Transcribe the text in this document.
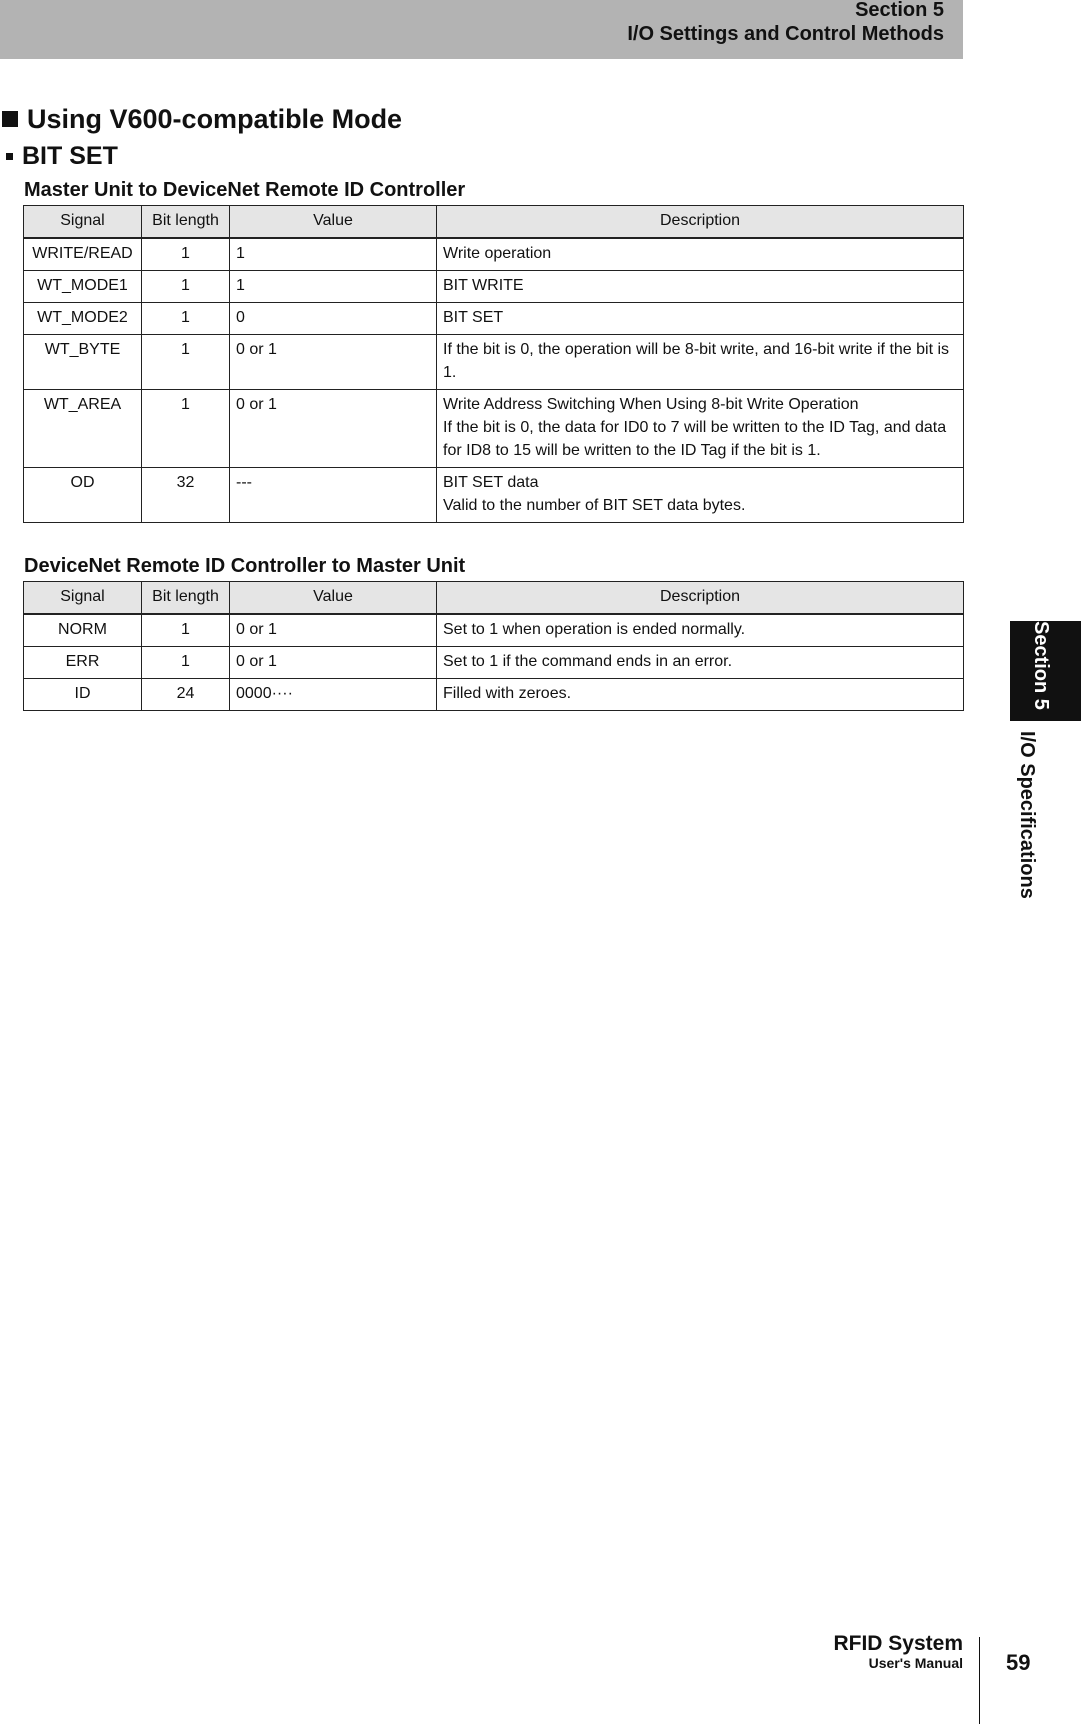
Section 5
I/O Settings and Control Methods
Using V600-compatible Mode
BIT SET
Master Unit to DeviceNet Remote ID Controller
Signal	Bit length	Value	Description
WRITE/READ	1	1	Write operation

WT_MODE1	1	1	BIT WRITE

WT_MODE2	1	0	BIT SET

WT_BYTE	1	0 or 1	If the bit is 0, the operation will be 8-bit write, and 16-bit write if the bit is 1.

WT_AREA	1	0 or 1	Write Address Switching When Using 8-bit Write Operation
If the bit is 0, the data for ID0 to 7 will be written to the ID Tag, and data for ID8 to 15 will be written to the ID Tag if the bit is 1.

OD	32	---	BIT SET data
Valid to the number of BIT SET data bytes.
DeviceNet Remote ID Controller to Master Unit
Signal	Bit length	Value	Description
NORM	1	0 or 1	Set to 1 when operation is ended normally.

ERR	1	0 or 1	Set to 1 if the command ends in an error.

ID	24	0000····	Filled with zeroes.	Section 5
I/O Specifications
RFID System
User's Manual 59
